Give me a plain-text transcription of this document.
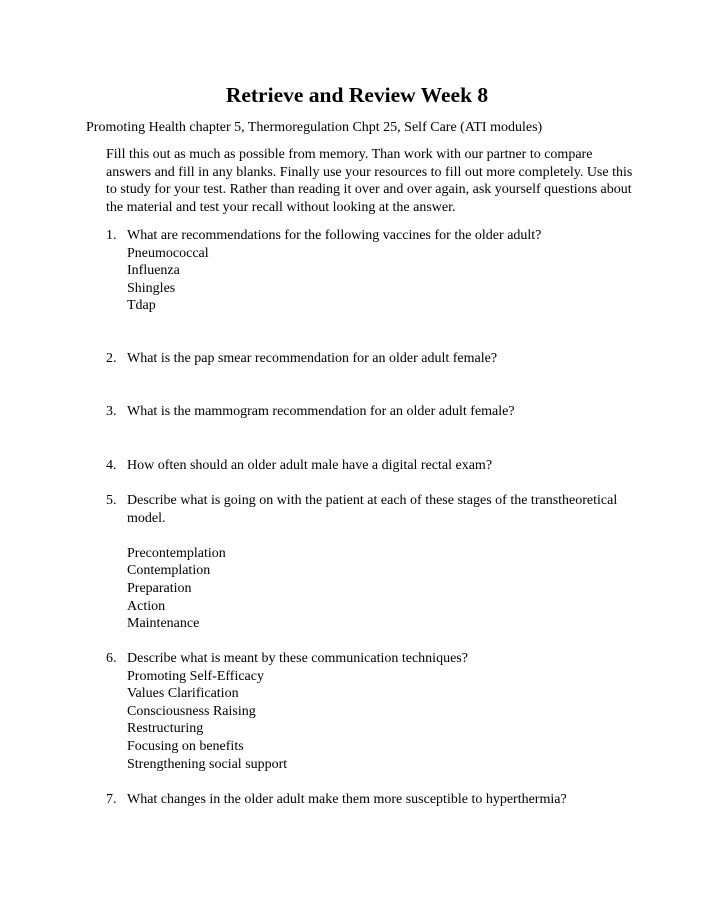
Retrieve and Review Week 8

Promoting Health chapter 5, Thermoregulation Chpt 25, Self Care (ATI modules)

Fill this out as much as possible from memory. Than work with our partner to compare answers and fill in any blanks. Finally use your resources to fill out more completely. Use this to study for your test. Rather than reading it over and over again, ask yourself questions about the material and test your recall without looking at the answer.

1. What are recommendations for the following vaccines for the older adult?

Pneumococcal
Influenza
Shingles
Tdap
2. What is the pap smear recommendation for an older adult female?

3. What is the mammogram recommendation for an older adult female?

4. How often should an older adult male have a digital rectal exam?

5. Describe what is going on with the patient at each of these stages of the transtheoretical model.

Precontemplation
Contemplation
Preparation
Action
Maintenance
6. Describe what is meant by these communication techniques?

Promoting Self-Efficacy
Values Clarification
Consciousness Raising
Restructuring
Focusing on benefits
Strengthening social support
7. What changes in the older adult make them more susceptible to hyperthermia?
